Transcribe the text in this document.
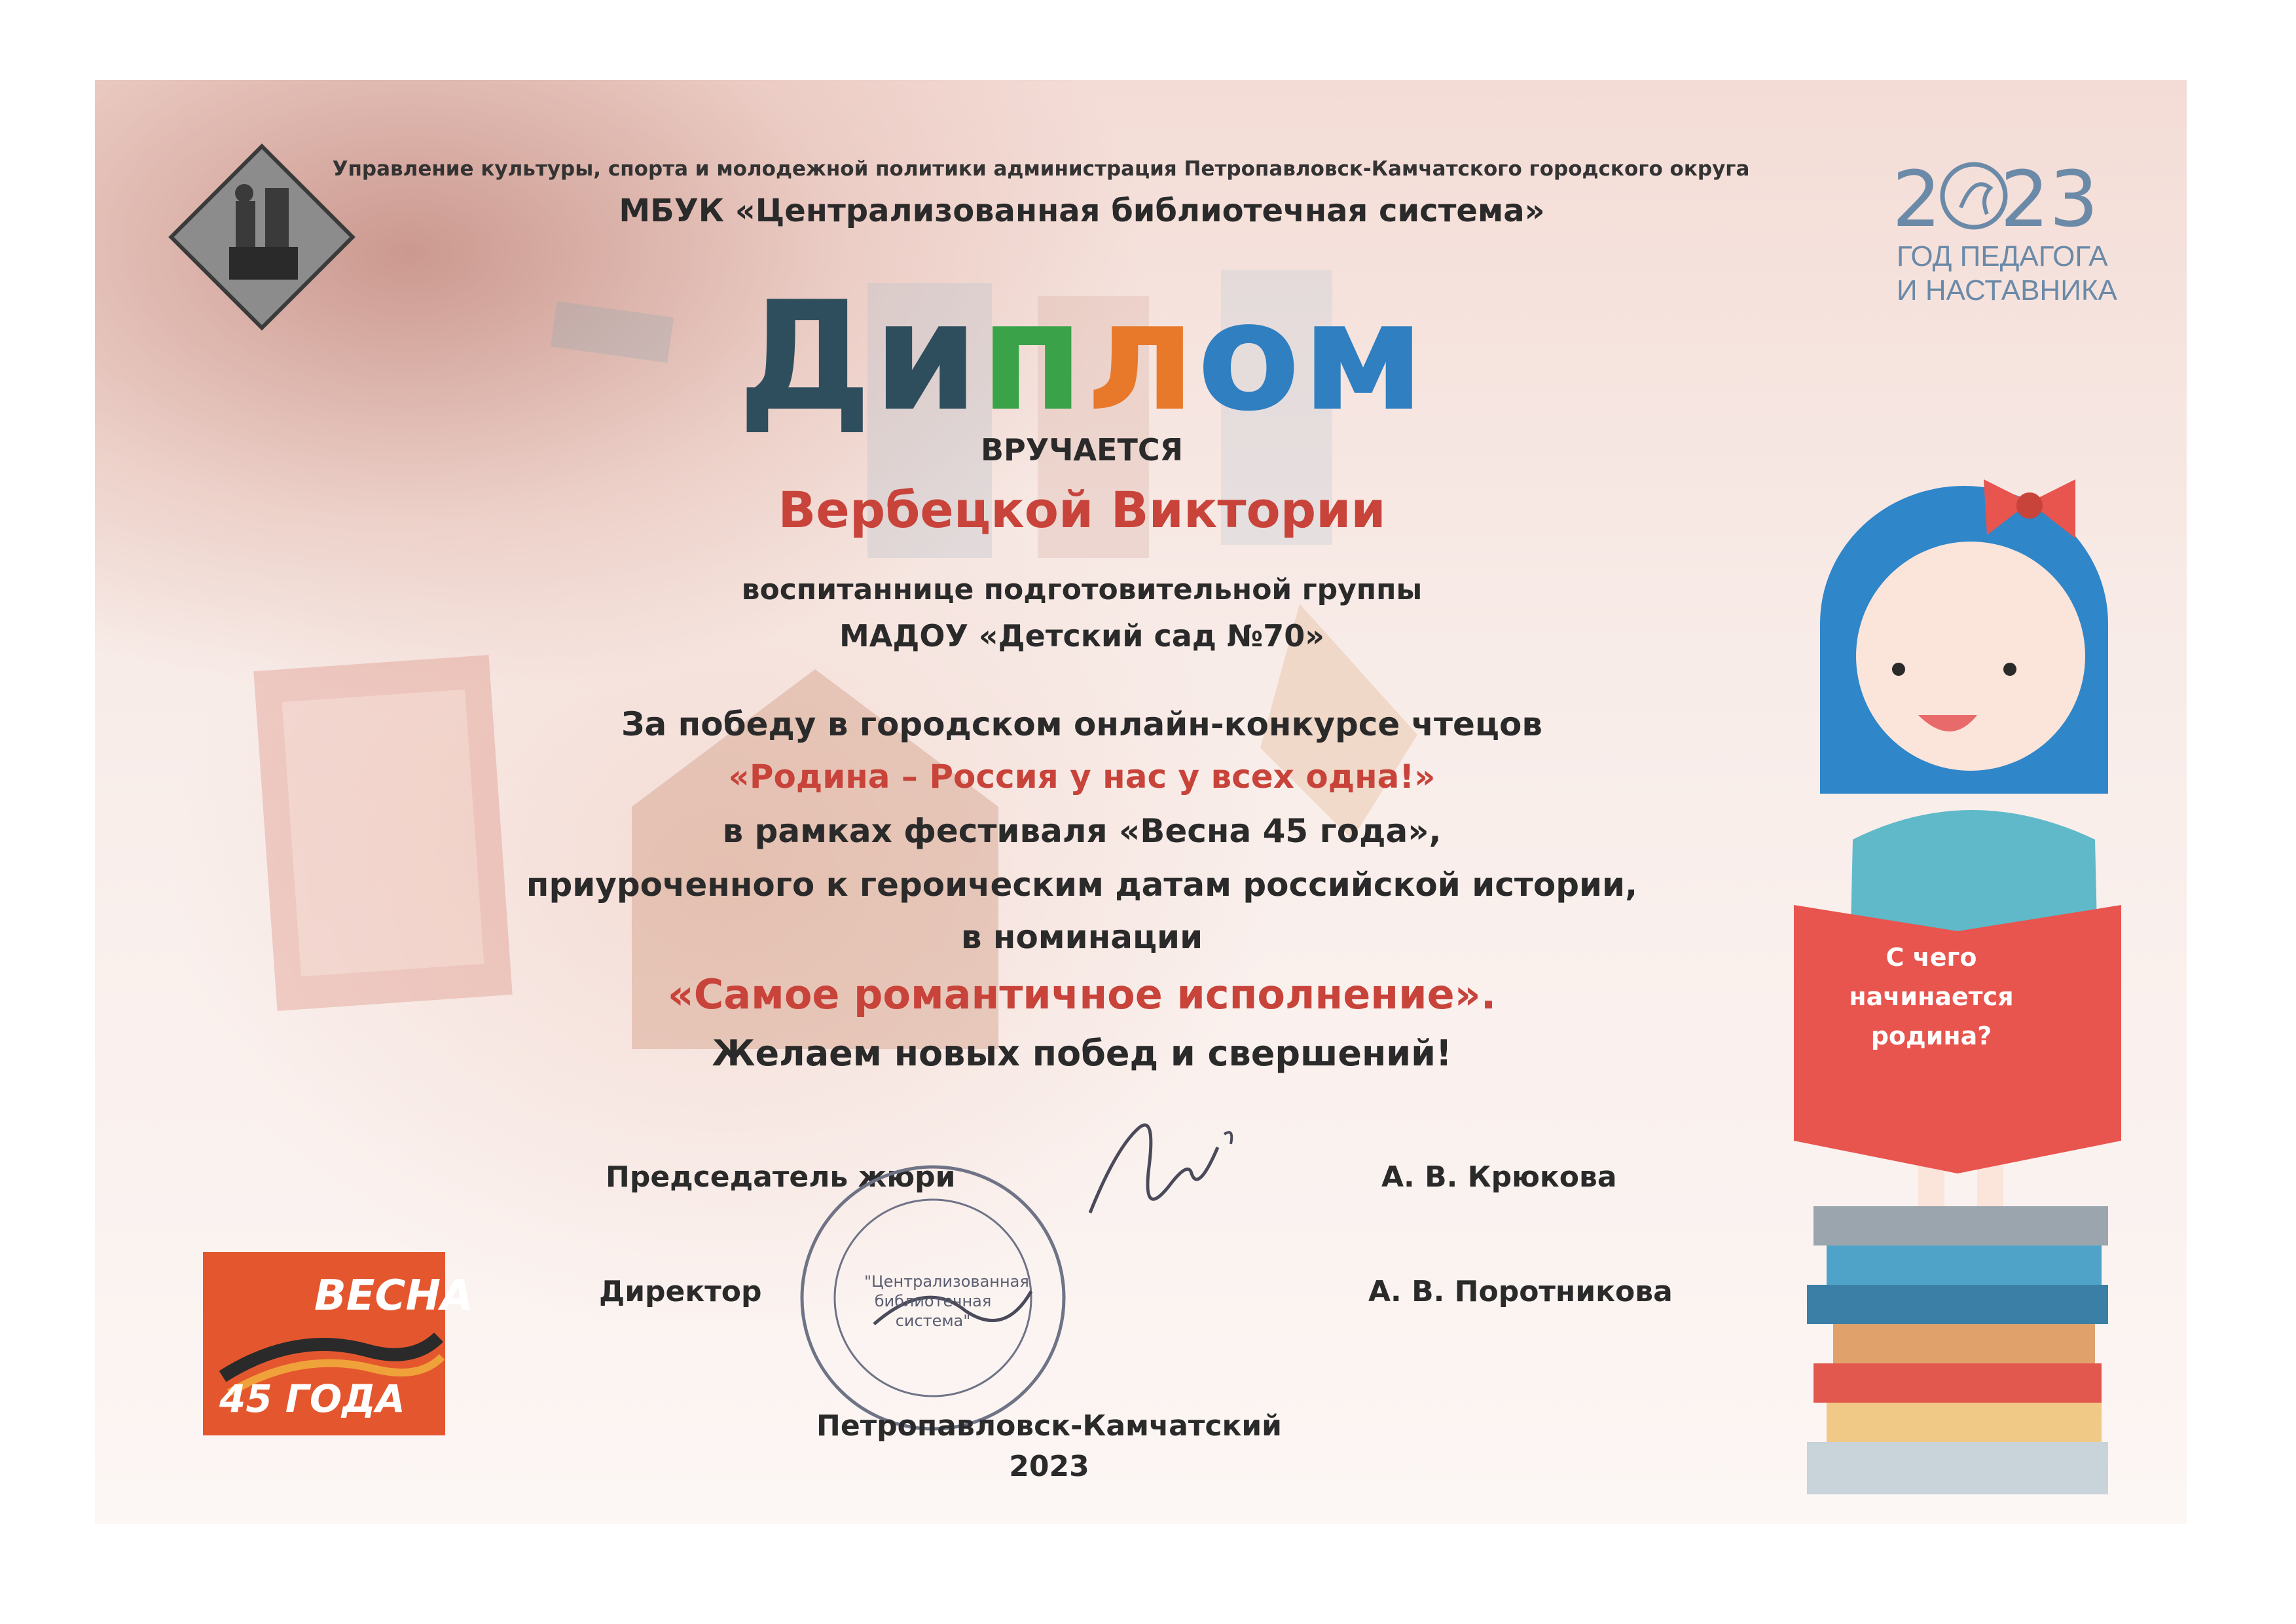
Управление культуры, спорта и молодежной политики администрация Петропавловск-Камчатского городского округа
МБУК «Централизованная библиотечная система»	2 23
ГОД ПЕДАГОГА
И НАСТАВНИКА
Диплом
ВРУЧАЕТСЯ
Вербецкой Виктории
воспитаннице подготовительной группы
МАДОУ «Детский сад №70»
За победу в городском онлайн-конкурсе чтецов
«Родина – Россия у нас у всех одна!»
в рамках фестиваля «Весна 45 года»,
приуроченного к героическим датам российской истории,
в номинации
«Самое романтичное исполнение».
Желаем новых побед и свершений!
Председатель жюри	А. В. Крюкова
Директор	А. В. Поротникова
"Централизованная библиотечная система"
Петропавловск-Камчатский
2023
ВЕСНА
45 ГОДА
С чего начинается родина?
